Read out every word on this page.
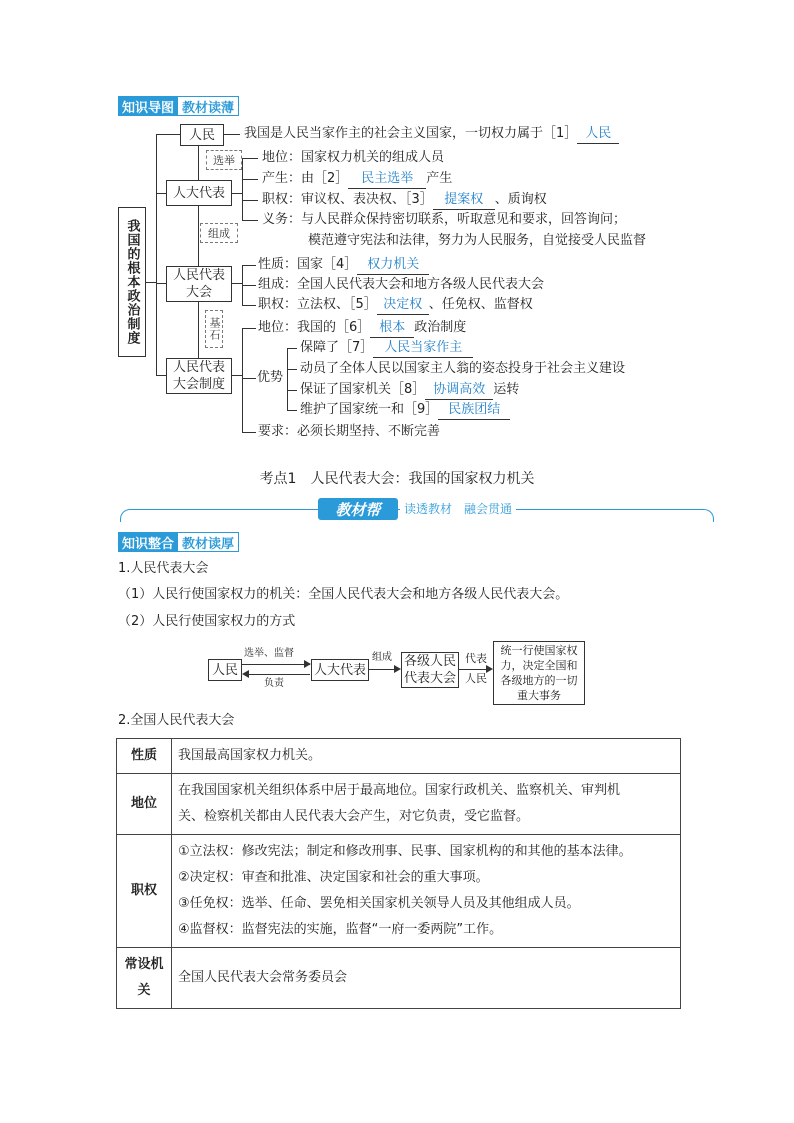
知识导图 教材读薄
我国的根本政治制度
人民
选举
人大代表
组成
人民代表
大会
基石
人民代表
大会制度
我国是人民当家作主的社会主义国家，一切权力属于［1］ 人民
地位：国家权力机关的组成人员
产生：由［2］ 民主选举 产生
职权：审议权、表决权、［3］ 提案权 、质询权
义务：与人民群众保持密切联系，听取意见和要求，回答询问；
模范遵守宪法和法律，努力为人民服务，自觉接受人民监督
性质：国家［4］ 权力机关
组成：全国人民代表大会和地方各级人民代表大会
职权：立法权、［5］ 决定权 、任免权、监督权
地位：我国的［6］ 根本 政治制度
优势
保障了［7］ 人民当家作主
动员了全体人民以国家主人翁的姿态投身于社会主义建设
保证了国家机关［8］ 协调高效 运转
维护了国家统一和［9］ 民族团结
要求：必须长期坚持、不断完善
考点1　人民代表大会：我国的国家权力机关
教材帮	读透教材　融会贯通
知识整合 教材读厚
1.人民代表大会
（1）人民行使国家权力的机关：全国人民代表大会和地方各级人民代表大会。
（2）人民行使国家权力的方式
人民
选举、监督
负责
人大代表
组成 各级人民
代表大会
代表
人民
统一行使国家权
力，决定全国和
各级地方的一切
重大事务
2.全国人民代表大会
性质	我国最高国家权力机关。

地位	在我国国家机关组织体系中居于最高地位。国家行政机关、监察机关、审判机
关、检察机关都由人民代表大会产生，对它负责，受它监督。

职权	①立法权：修改宪法；制定和修改刑事、民事、国家机构的和其他的基本法律。
②决定权：审查和批准、决定国家和社会的重大事项。
③任免权：选举、任命、罢免相关国家机关领导人员及其他组成人员。
④监督权：监督宪法的实施，监督“一府一委两院”工作。

常设机关	全国人民代表大会常务委员会
